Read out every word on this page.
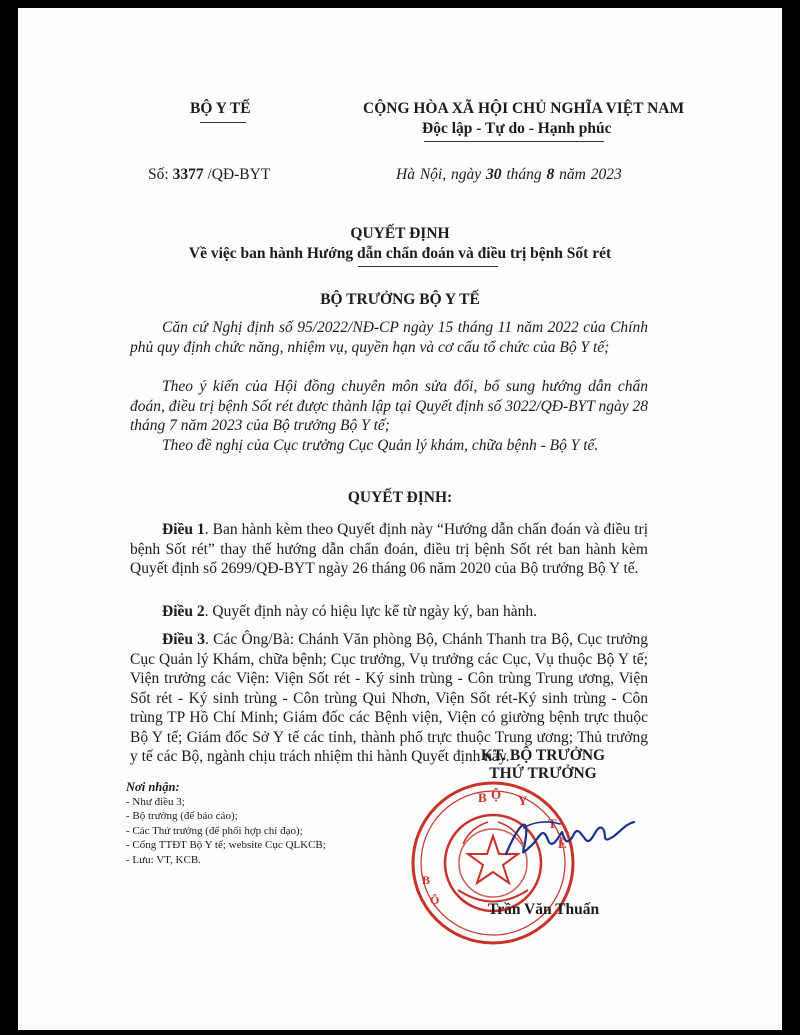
BỘ Y TẾ	CỘNG HÒA XÃ HỘI CHỦ NGHĨA VIỆT NAM
Độc lập - Tự do - Hạnh phúc
Số: 3377 /QĐ-BYT	Hà Nội, ngày 30 tháng 8 năm 2023
QUYẾT ĐỊNH
Về việc ban hành Hướng dẫn chẩn đoán và điều trị bệnh Sốt rét
BỘ TRƯỞNG BỘ Y TẾ
Căn cứ Nghị định số 95/2022/NĐ-CP ngày 15 tháng 11 năm 2022 của Chính phủ quy định chức năng, nhiệm vụ, quyền hạn và cơ cấu tổ chức của Bộ Y tế;
Theo ý kiến của Hội đồng chuyên môn sửa đổi, bổ sung hướng dẫn chẩn đoán, điều trị bệnh Sốt rét được thành lập tại Quyết định số 3022/QĐ-BYT ngày 28 tháng 7 năm 2023 của Bộ trưởng Bộ Y tế;
Theo đề nghị của Cục trưởng Cục Quản lý khám, chữa bệnh - Bộ Y tế.
QUYẾT ĐỊNH:
Điều 1. Ban hành kèm theo Quyết định này “Hướng dẫn chẩn đoán và điều trị bệnh Sốt rét” thay thế hướng dẫn chẩn đoán, điều trị bệnh Sốt rét ban hành kèm Quyết định số 2699/QĐ-BYT ngày 26 tháng 06 năm 2020 của Bộ trưởng Bộ Y tế.
Điều 2. Quyết định này có hiệu lực kể từ ngày ký, ban hành.
Điều 3. Các Ông/Bà: Chánh Văn phòng Bộ, Chánh Thanh tra Bộ, Cục trưởng Cục Quản lý Khám, chữa bệnh; Cục trưởng, Vụ trưởng các Cục, Vụ thuộc Bộ Y tế; Viện trưởng các Viện: Viện Sốt rét - Ký sinh trùng - Côn trùng Trung ương, Viện Sốt rét - Ký sinh trùng - Côn trùng Qui Nhơn, Viện Sốt rét-Ký sinh trùng - Côn trùng TP Hồ Chí Minh; Giám đốc các Bệnh viện, Viện có giường bệnh trực thuộc Bộ Y tế; Giám đốc Sở Y tế các tỉnh, thành phố trực thuộc Trung ương; Thủ trưởng y tế các Bộ, ngành chịu trách nhiệm thi hành Quyết định này.
Nơi nhận:
- Như điều 3;
- Bộ trưởng (để báo cáo);
- Các Thứ trưởng (để phối hợp chỉ đạo);
- Cổng TTĐT Bộ Y tế; website Cục QLKCB;
- Lưu: VT, KCB.
B Ộ Y
T
Ế
B
Ộ
KT. BỘ TRƯỞNG
THỨ TRƯỞNG
Trần Văn Thuấn
